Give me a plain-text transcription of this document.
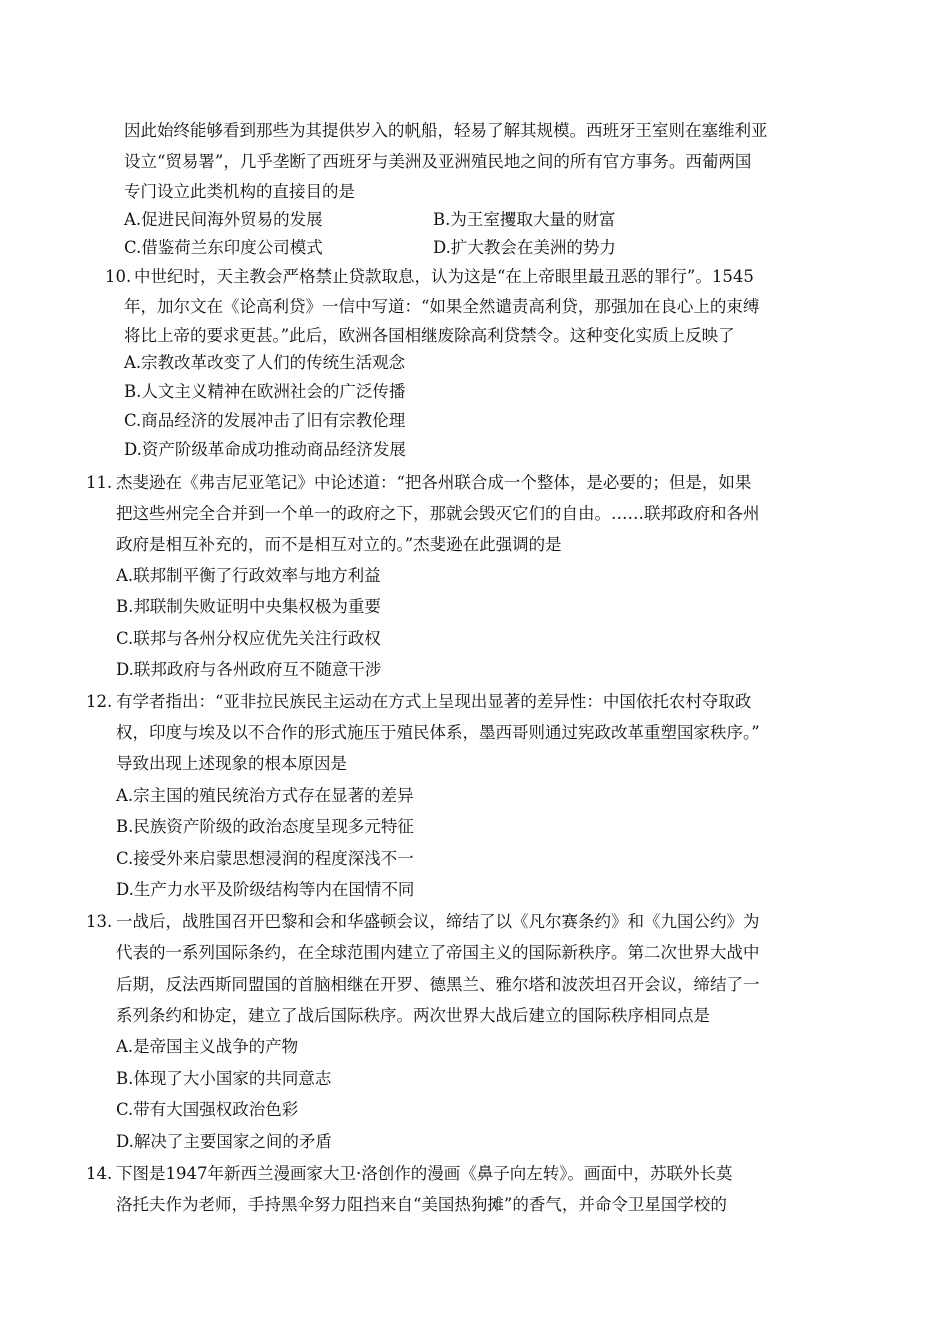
因此始终能够看到那些为其提供岁入的帆船，轻易了解其规模。西班牙王室则在塞维利亚
设立“贸易署”，几乎垄断了西班牙与美洲及亚洲殖民地之间的所有官方事务。西葡两国
专门设立此类机构的直接目的是
A.促进民间海外贸易的发展	B.为王室攫取大量的财富
C.借鉴荷兰东印度公司模式	D.扩大教会在美洲的势力
10. 中世纪时，天主教会严格禁止贷款取息，认为这是“在上帝眼里最丑恶的罪行”。1545
年，加尔文在《论高利贷》一信中写道：“如果全然谴责高利贷，那强加在良心上的束缚
将比上帝的要求更甚。”此后，欧洲各国相继废除高利贷禁令。这种变化实质上反映了
A.宗教改革改变了人们的传统生活观念
B.人文主义精神在欧洲社会的广泛传播
C.商品经济的发展冲击了旧有宗教伦理
D.资产阶级革命成功推动商品经济发展
11. 杰斐逊在《弗吉尼亚笔记》中论述道：“把各州联合成一个整体，是必要的；但是，如果
把这些州完全合并到一个单一的政府之下，那就会毁灭它们的自由。……联邦政府和各州
政府是相互补充的，而不是相互对立的。”杰斐逊在此强调的是
A.联邦制平衡了行政效率与地方利益
B.邦联制失败证明中央集权极为重要
C.联邦与各州分权应优先关注行政权
D.联邦政府与各州政府互不随意干涉
12. 有学者指出：“亚非拉民族民主运动在方式上呈现出显著的差异性：中国依托农村夺取政
权，印度与埃及以不合作的形式施压于殖民体系，墨西哥则通过宪政改革重塑国家秩序。”
导致出现上述现象的根本原因是
A.宗主国的殖民统治方式存在显著的差异
B.民族资产阶级的政治态度呈现多元特征
C.接受外来启蒙思想浸润的程度深浅不一
D.生产力水平及阶级结构等内在国情不同
13. 一战后，战胜国召开巴黎和会和华盛顿会议，缔结了以《凡尔赛条约》和《九国公约》为
代表的一系列国际条约，在全球范围内建立了帝国主义的国际新秩序。第二次世界大战中
后期，反法西斯同盟国的首脑相继在开罗、德黑兰、雅尔塔和波茨坦召开会议，缔结了一
系列条约和协定，建立了战后国际秩序。两次世界大战后建立的国际秩序相同点是
A.是帝国主义战争的产物
B.体现了大小国家的共同意志
C.带有大国强权政治色彩
D.解决了主要国家之间的矛盾
14. 下图是1947年新西兰漫画家大卫·洛创作的漫画《鼻子向左转》。画面中，苏联外长莫
洛托夫作为老师，手持黑伞努力阻挡来自“美国热狗摊”的香气，并命令卫星国学校的
